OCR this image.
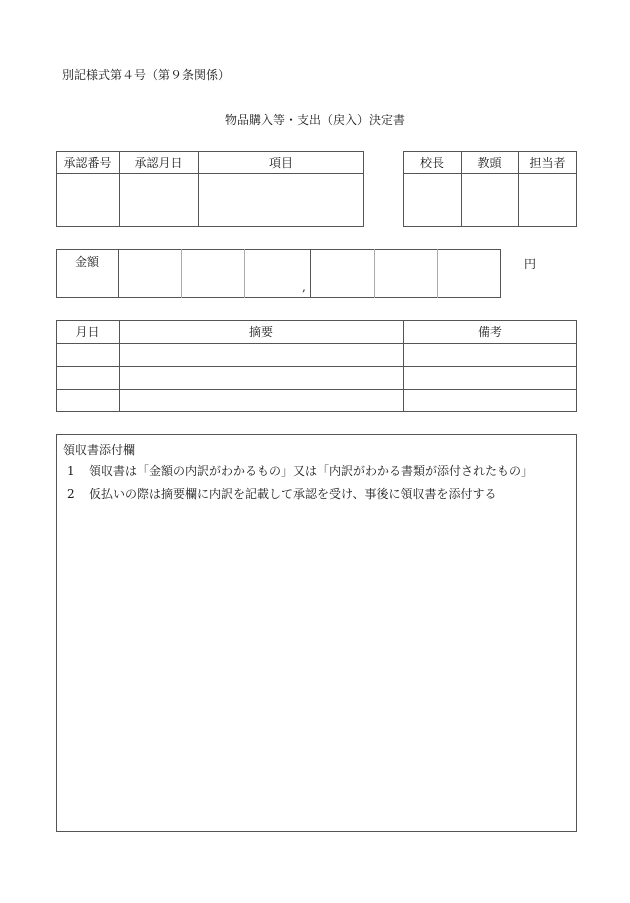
別記様式第４号（第９条関係）
物品購入等・支出（戻入）決定書
承認番号	承認月日	項目	校長	教頭	担当者
金額
,
円
月日	摘要	備考
領収書添付欄
1 領収書は「金額の内訳がわかるもの」又は「内訳がわかる書類が添付されたもの」
2 仮払いの際は摘要欄に内訳を記載して承認を受け、事後に領収書を添付する
